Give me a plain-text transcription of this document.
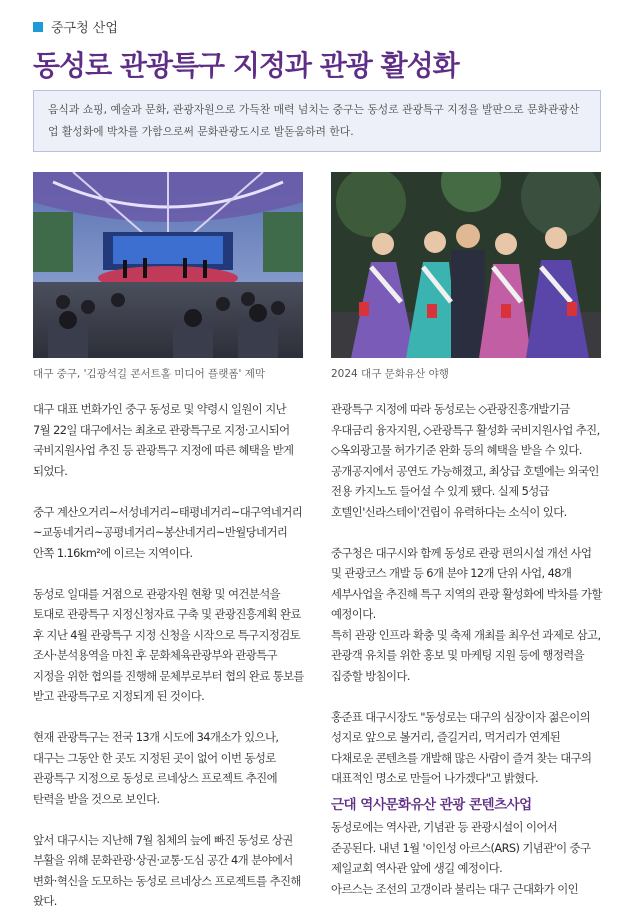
중구청 산업
동성로 관광특구 지정과 관광 활성화
음식과 쇼핑, 예술과 문화, 관광자원으로 가득찬 매력 넘치는 중구는 동성로 관광특구 지정을 발판으로 문화관광산업 활성화에 박차를 가함으로써 문화관광도시로 발돋움하려 한다.
대구 중구, '김광석길 콘서트홀 미디어 플랫폼' 제막	2024 대구 문화유산 야행

대구 대표 번화가인 중구 동성로 및 약령시 일원이 지난 7월 22일 대구에서는 최초로 관광특구로 지정·고시되어 국비지원사업 추진 등 관광특구 지정에 따른 혜택을 받게 되었다.

중구 계산오거리~서성네거리~태평네거리~대구역네거리~교동네거리~공평네거리~봉산네거리~반월당네거리 안쪽 1.16km²에 이르는 지역이다.

동성로 일대를 거점으로 관광자원 현황 및 여건분석을 토대로 관광특구 지정신청자료 구축 및 관광진흥계획 완료 후 지난 4월 관광특구 지정 신청을 시작으로 특구지정검토 조사·분석용역을 마친 후 문화체육관광부와 관광특구 지정을 위한 협의를 진행해 문체부로부터 협의 완료 통보를 받고 관광특구로 지정되게 된 것이다.

현재 관광특구는 전국 13개 시도에 34개소가 있으나, 대구는 그동안 한 곳도 지정된 곳이 없어 이번 동성로 관광특구 지정으로 동성로 르네상스 프로젝트 추진에 탄력을 받을 것으로 보인다.

앞서 대구시는 지난해 7월 침체의 늪에 빠진 동성로 상권 부활을 위해 문화관광·상권·교통·도심 공간 4개 분야에서 변화·혁신을 도모하는 동성로 르네상스 프로젝트를 추진해 왔다.

관광특구 지정에 따라 동성로는 ◇관광진흥개발기금 우대금리 융자지원, ◇관광특구 활성화 국비지원사업 추진, ◇옥외광고물 허가기준 완화 등의 혜택을 받을 수 있다.

공개공지에서 공연도 가능해졌고, 최상급 호텔에는 외국인 전용 카지노도 들어설 수 있게 됐다. 실제 5성급 호텔인'신라스테이'건립이 유력하다는 소식이 있다.

중구청은 대구시와 함께 동성로 관광 편의시설 개선 사업 및 관광코스 개발 등 6개 분야 12개 단위 사업, 48개 세부사업을 추진해 특구 지역의 관광 활성화에 박차를 가할 예정이다.

특히 관광 인프라 확충 및 축제 개최를 최우선 과제로 삼고, 관광객 유치를 위한 홍보 및 마케팅 지원 등에 행정력을 집중할 방침이다.

홍준표 대구시장도 "동성로는 대구의 심장이자 젊은이의 성지로 앞으로 볼거리, 즐길거리, 먹거리가 연계된 다채로운 콘텐츠를 개발해 많은 사람이 즐겨 찾는 대구의 대표적인 명소로 만들어 나가겠다"고 밝혔다.

근대 역사문화유산 관광 콘텐츠사업

동성로에는 역사관, 기념관 등 관광시설이 이어서 준공된다. 내년 1월 '이인성 아르스(ARS) 기념관'이 중구 제일교회 역사관 앞에 생길 예정이다.

아르스는 조선의 고갱이라 불리는 대구 근대화가 이인
